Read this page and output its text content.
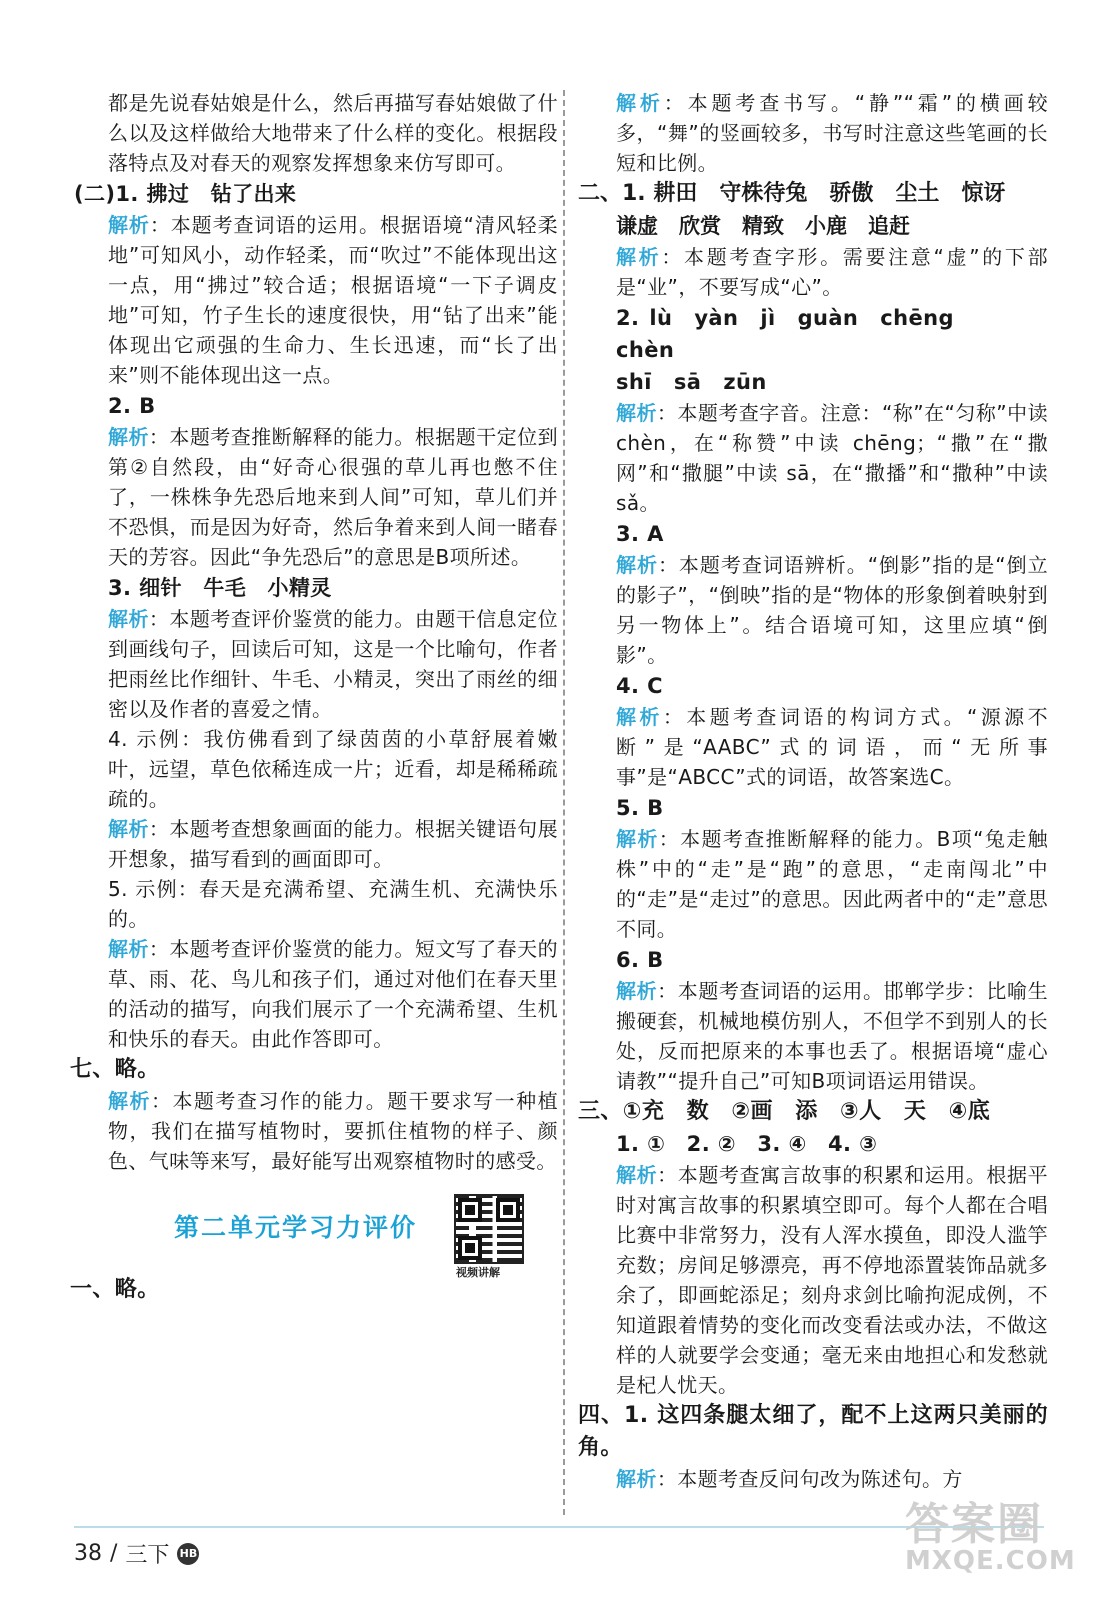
都是先说春姑娘是什么，然后再描写春姑娘做了什么以及这样做给大地带来了什么样的变化。根据段落特点及对春天的观察发挥想象来仿写即可。

(二)1. 拂过　钻了出来

解析：本题考查词语的运用。根据语境“清风轻柔地”可知风小，动作轻柔，而“吹过”不能体现出这一点，用“拂过”较合适；根据语境“一下子调皮地”可知，竹子生长的速度很快，用“钻了出来”能体现出它顽强的生命力、生长迅速，而“长了出来”则不能体现出这一点。

2. B

解析：本题考查推断解释的能力。根据题干定位到第②自然段，由“好奇心很强的草儿再也憋不住了，一株株争先恐后地来到人间”可知，草儿们并不恐惧，而是因为好奇，然后争着来到人间一睹春天的芳容。因此“争先恐后”的意思是B项所述。

3. 细针　牛毛　小精灵

解析：本题考查评价鉴赏的能力。由题干信息定位到画线句子，回读后可知，这是一个比喻句，作者把雨丝比作细针、牛毛、小精灵，突出了雨丝的细密以及作者的喜爱之情。

4. 示例：我仿佛看到了绿茵茵的小草舒展着嫩叶，远望，草色依稀连成一片；近看，却是稀稀疏疏的。

解析：本题考查想象画面的能力。根据关键语句展开想象，描写看到的画面即可。

5. 示例：春天是充满希望、充满生机、充满快乐的。

解析：本题考查评价鉴赏的能力。短文写了春天的草、雨、花、鸟儿和孩子们，通过对他们在春天里的活动的描写，向我们展示了一个充满希望、生机和快乐的春天。由此作答即可。

七、略。

解析：本题考查习作的能力。题干要求写一种植物，我们在描写植物时，要抓住植物的样子、颜色、气味等来写，最好能写出观察植物时的感受。

第二单元学习力评价
视频讲解

一、略。

解析：本题考查书写。“静”“霜”的横画较多，“舞”的竖画较多，书写时注意这些笔画的长短和比例。

二、1. 耕田　守株待兔　骄傲　尘土　惊讶

谦虚　欣赏　精致　小鹿　追赶

解析：本题考查字形。需要注意“虚”的下部是“业”，不要写成“心”。

2. lù yàn jì guàn chēngchèn
shī sā zūn

解析：本题考查字音。注意：“称”在“匀称”中读 chèn，在“称赞”中读 chēng；“撒”在“撒网”和“撒腿”中读 sā，在“撒播”和“撒种”中读 sǎ。

3. A

解析：本题考查词语辨析。“倒影”指的是“倒立的影子”，“倒映”指的是“物体的形象倒着映射到另一物体上”。结合语境可知，这里应填“倒影”。

4. C

解析：本题考查词语的构词方式。“源源不断”是“AABC”式的词语，而“无所事事”是“ABCC”式的词语，故答案选C。

5. B

解析：本题考查推断解释的能力。B项“兔走触株”中的“走”是“跑”的意思，“走南闯北”中的“走”是“走过”的意思。因此两者中的“走”意思不同。

6. B

解析：本题考查词语的运用。邯郸学步：比喻生搬硬套，机械地模仿别人，不但学不到别人的长处，反而把原来的本事也丢了。根据语境“虚心请教”“提升自己”可知B项词语运用错误。

三、①充　数　②画　添　③人　天　④底

1. ①　2. ②　3. ④　4. ③

解析：本题考查寓言故事的积累和运用。根据平时对寓言故事的积累填空即可。每个人都在合唱比赛中非常努力，没有人浑水摸鱼，即没人滥竽充数；房间足够漂亮，再不停地添置装饰品就多余了，即画蛇添足；刻舟求剑比喻拘泥成例，不知道跟着情势的变化而改变看法或办法，不做这样的人就要学会变通；毫无来由地担心和发愁就是杞人忧天。

四、1. 这四条腿太细了，配不上这两只美丽的角。

解析：本题考查反问句改为陈述句。方

38 / 三下 HB
答案圈
MXQE.COM
